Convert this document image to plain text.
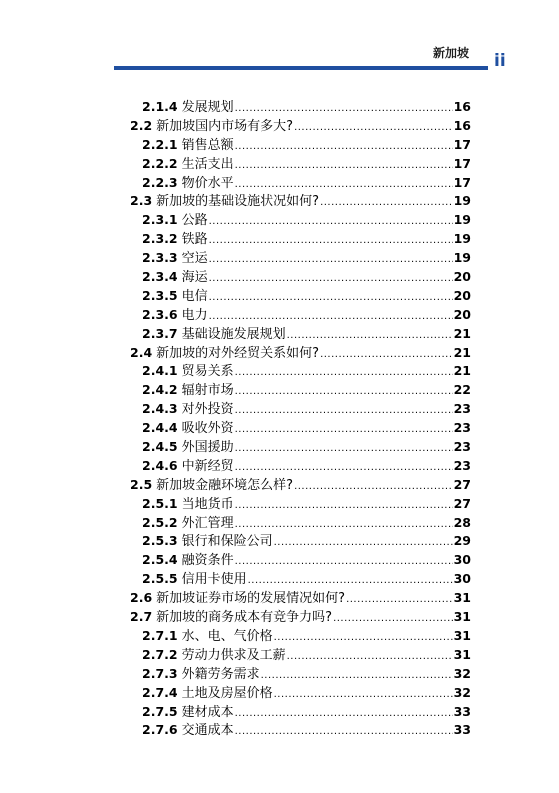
新加坡 ii
2.1.4 发展规划 .....	16
2.2 新加坡国内市场有多大? .....	16
2.2.1 销售总额 .....	17
2.2.2 生活支出 .....	17
2.2.3 物价水平 .....	17
2.3 新加坡的基础设施状况如何? .....	19
2.3.1 公路 .....	19
2.3.2 铁路 .....	19
2.3.3 空运 .....	19
2.3.4 海运 .....	20
2.3.5 电信 .....	20
2.3.6 电力 .....	20
2.3.7 基础设施发展规划 .....	21
2.4 新加坡的对外经贸关系如何? .....	21
2.4.1 贸易关系 .....	21
2.4.2 辐射市场 .....	22
2.4.3 对外投资 .....	23
2.4.4 吸收外资 .....	23
2.4.5 外国援助 .....	23
2.4.6 中新经贸 .....	23
2.5 新加坡金融环境怎么样? .....	27
2.5.1 当地货币 .....	27
2.5.2 外汇管理 .....	28
2.5.3 银行和保险公司 .....	29
2.5.4 融资条件 .....	30
2.5.5 信用卡使用 .....	30
2.6 新加坡证券市场的发展情况如何? .....	31
2.7 新加坡的商务成本有竞争力吗? .....	31
2.7.1 水、电、气价格 .....	31
2.7.2 劳动力供求及工薪 .....	31
2.7.3 外籍劳务需求 .....	32
2.7.4 土地及房屋价格 .....	32
2.7.5 建材成本 .....	33
2.7.6 交通成本 .....	33
